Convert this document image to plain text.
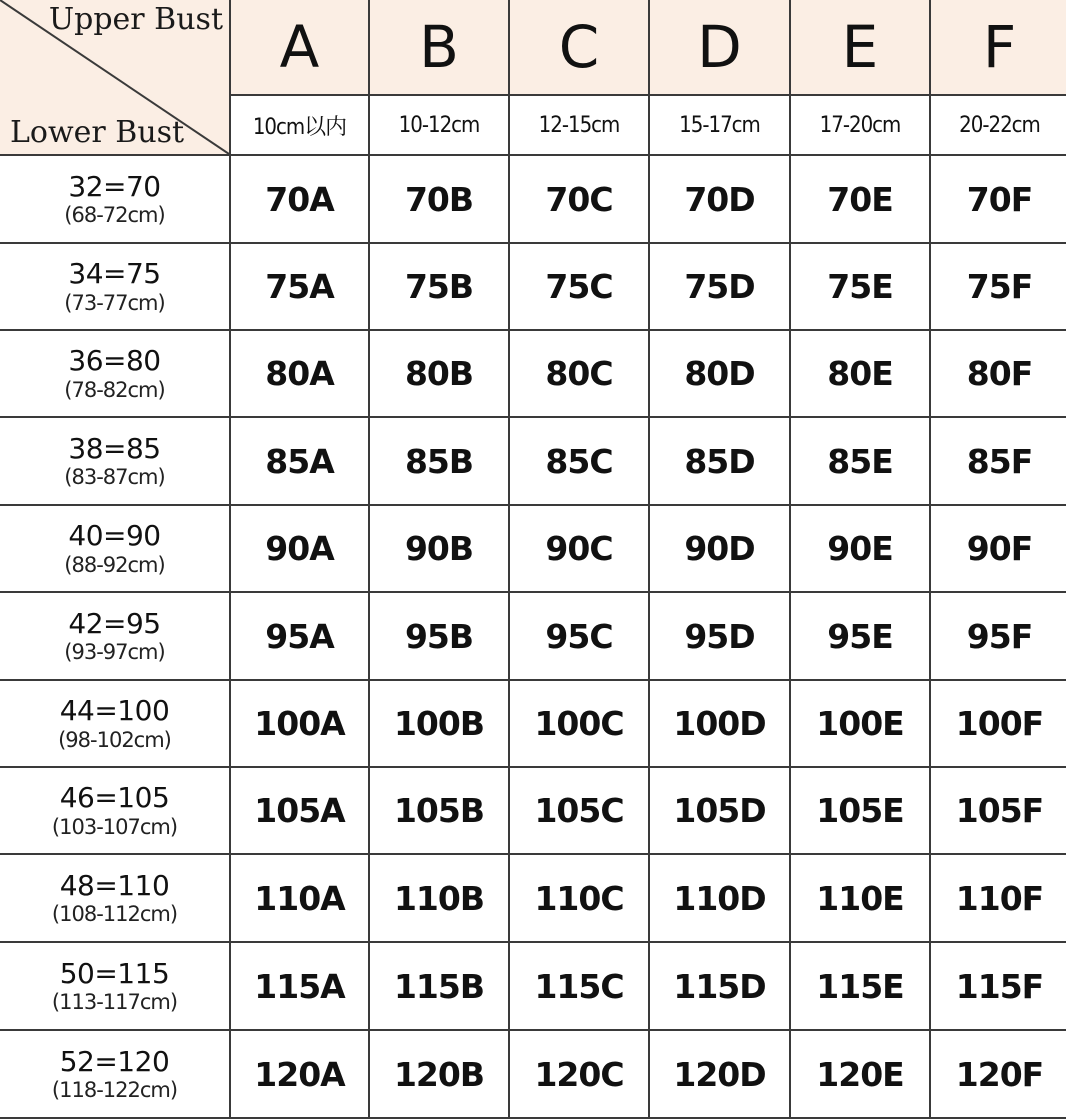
Upper Bust
Lower Bust
A	B	C	D	E	F
10cm以内	10-12cm	12-15cm	15-17cm	17-20cm	20-22cm
32=70
(68-72cm)	70A	70B	70C	70D	70E	70F
34=75
(73-77cm)	75A	75B	75C	75D	75E	75F
36=80
(78-82cm)	80A	80B	80C	80D	80E	80F
38=85
(83-87cm)	85A	85B	85C	85D	85E	85F
40=90
(88-92cm)	90A	90B	90C	90D	90E	90F
42=95
(93-97cm)	95A	95B	95C	95D	95E	95F
44=100
(98-102cm)	100A	100B	100C	100D	100E	100F
46=105
(103-107cm)	105A	105B	105C	105D	105E	105F
48=110
(108-112cm)	110A	110B	110C	110D	110E	110F
50=115
(113-117cm)	115A	115B	115C	115D	115E	115F
52=120
(118-122cm)	120A	120B	120C	120D	120E	120F
